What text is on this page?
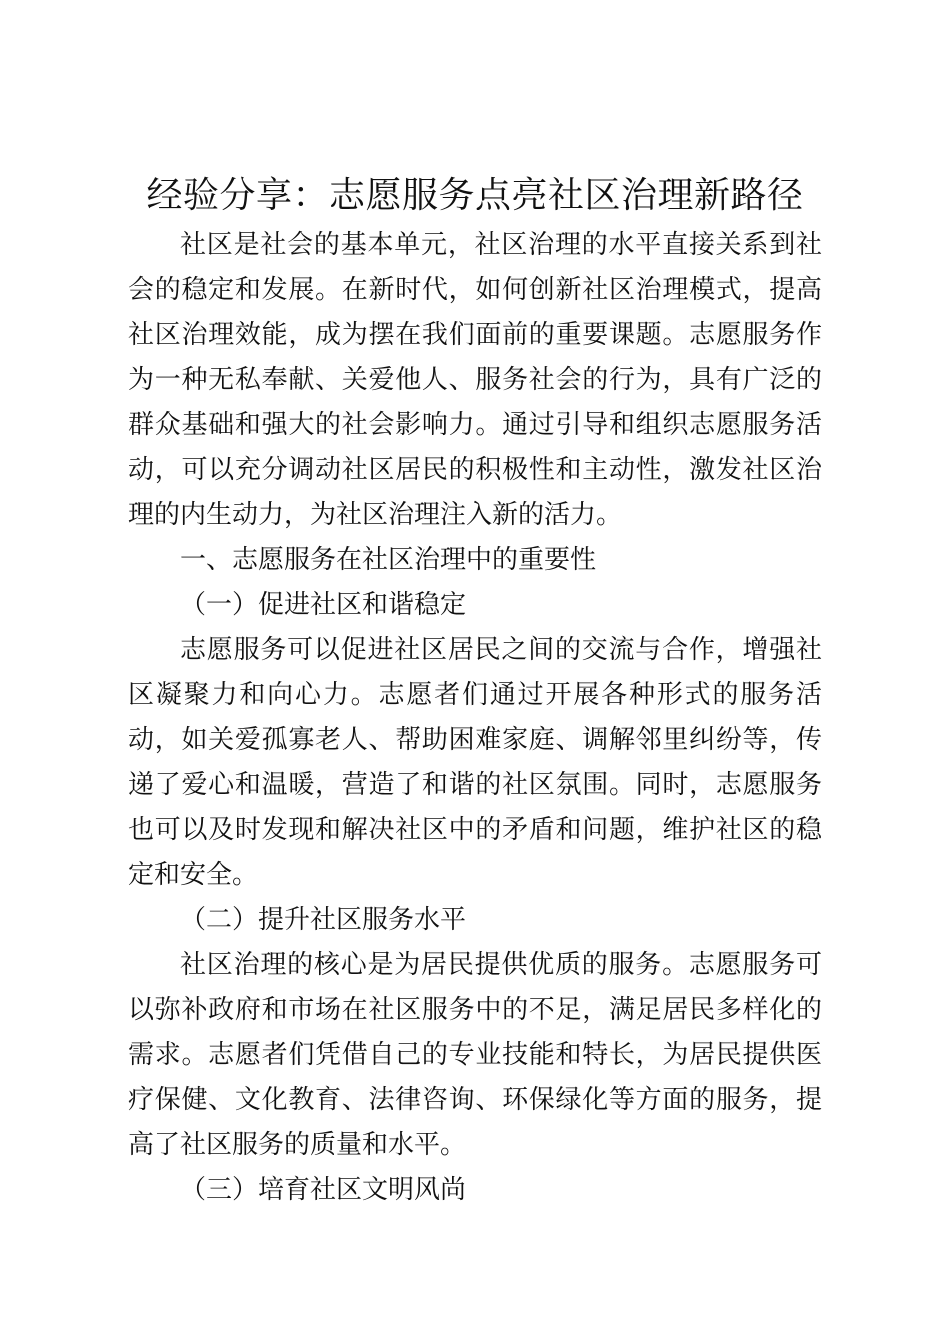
经验分享：志愿服务点亮社区治理新路径

社区是社会的基本单元，社区治理的水平直接关系到社会的稳定和发展。在新时代，如何创新社区治理模式，提高社区治理效能，成为摆在我们面前的重要课题。志愿服务作为一种无私奉献、关爱他人、服务社会的行为，具有广泛的群众基础和强大的社会影响力。通过引导和组织志愿服务活动，可以充分调动社区居民的积极性和主动性，激发社区治理的内生动力，为社区治理注入新的活力。

一、志愿服务在社区治理中的重要性

（一）促进社区和谐稳定

志愿服务可以促进社区居民之间的交流与合作，增强社区凝聚力和向心力。志愿者们通过开展各种形式的服务活动，如关爱孤寡老人、帮助困难家庭、调解邻里纠纷等，传递了爱心和温暖，营造了和谐的社区氛围。同时，志愿服务也可以及时发现和解决社区中的矛盾和问题，维护社区的稳定和安全。

（二）提升社区服务水平

社区治理的核心是为居民提供优质的服务。志愿服务可以弥补政府和市场在社区服务中的不足，满足居民多样化的需求。志愿者们凭借自己的专业技能和特长，为居民提供医疗保健、文化教育、法律咨询、环保绿化等方面的服务，提高了社区服务的质量和水平。

（三）培育社区文明风尚
